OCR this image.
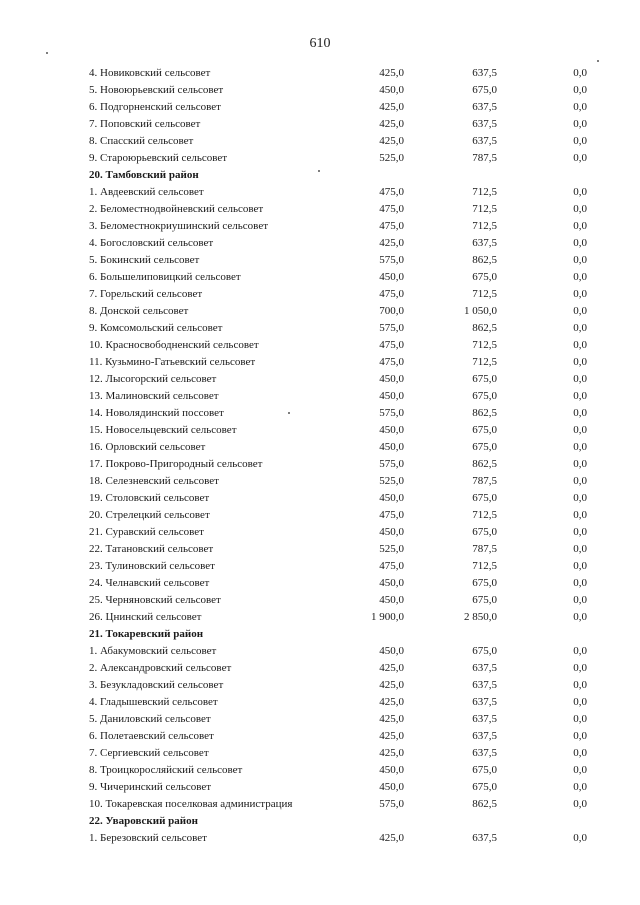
610
4. Новиковский сельсовет	425,0	637,5	0,0
5. Новоюрьевский сельсовет	450,0	675,0	0,0
6. Подгорненский сельсовет	425,0	637,5	0,0
7. Поповский сельсовет	425,0	637,5	0,0
8. Спасский сельсовет	425,0	637,5	0,0
9. Староюрьевский сельсовет	525,0	787,5	0,0
20. Тамбовский район
1. Авдеевский сельсовет	475,0	712,5	0,0
2. Беломестнодвойневский сельсовет	475,0	712,5	0,0
3. Беломестнокриушинский сельсовет	475,0	712,5	0,0
4. Богословский сельсовет	425,0	637,5	0,0
5. Бокинский сельсовет	575,0	862,5	0,0
6. Большелиповицкий сельсовет	450,0	675,0	0,0
7. Горельский сельсовет	475,0	712,5	0,0
8. Донской сельсовет	700,0	1 050,0	0,0
9. Комсомольский сельсовет	575,0	862,5	0,0
10. Красносвободненский сельсовет	475,0	712,5	0,0
11. Кузьмино-Гатьевский сельсовет	475,0	712,5	0,0
12. Лысогорский сельсовет	450,0	675,0	0,0
13. Малиновский сельсовет	450,0	675,0	0,0
14. Новолядинский поссовет	575,0	862,5	0,0
15. Новосельцевский сельсовет	450,0	675,0	0,0
16. Орловский сельсовет	450,0	675,0	0,0
17. Покрово-Пригородный сельсовет	575,0	862,5	0,0
18. Селезневский сельсовет	525,0	787,5	0,0
19. Столовский сельсовет	450,0	675,0	0,0
20. Стрелецкий сельсовет	475,0	712,5	0,0
21. Суравский сельсовет	450,0	675,0	0,0
22. Татановский сельсовет	525,0	787,5	0,0
23. Тулиновский сельсовет	475,0	712,5	0,0
24. Челнавский сельсовет	450,0	675,0	0,0
25. Черняновский сельсовет	450,0	675,0	0,0
26. Цнинский сельсовет	1 900,0	2 850,0	0,0
21. Токаревский район
1. Абакумовский сельсовет	450,0	675,0	0,0
2. Александровский сельсовет	425,0	637,5	0,0
3. Безукладовский сельсовет	425,0	637,5	0,0
4. Гладышевский сельсовет	425,0	637,5	0,0
5. Даниловский сельсовет	425,0	637,5	0,0
6. Полетаевский сельсовет	425,0	637,5	0,0
7. Сергиевский сельсовет	425,0	637,5	0,0
8. Троицкоросляйский сельсовет	450,0	675,0	0,0
9. Чичеринский сельсовет	450,0	675,0	0,0
10. Токаревская поселковая администрация	575,0	862,5	0,0
22. Уваровский район
1. Березовский сельсовет	425,0	637,5	0,0
